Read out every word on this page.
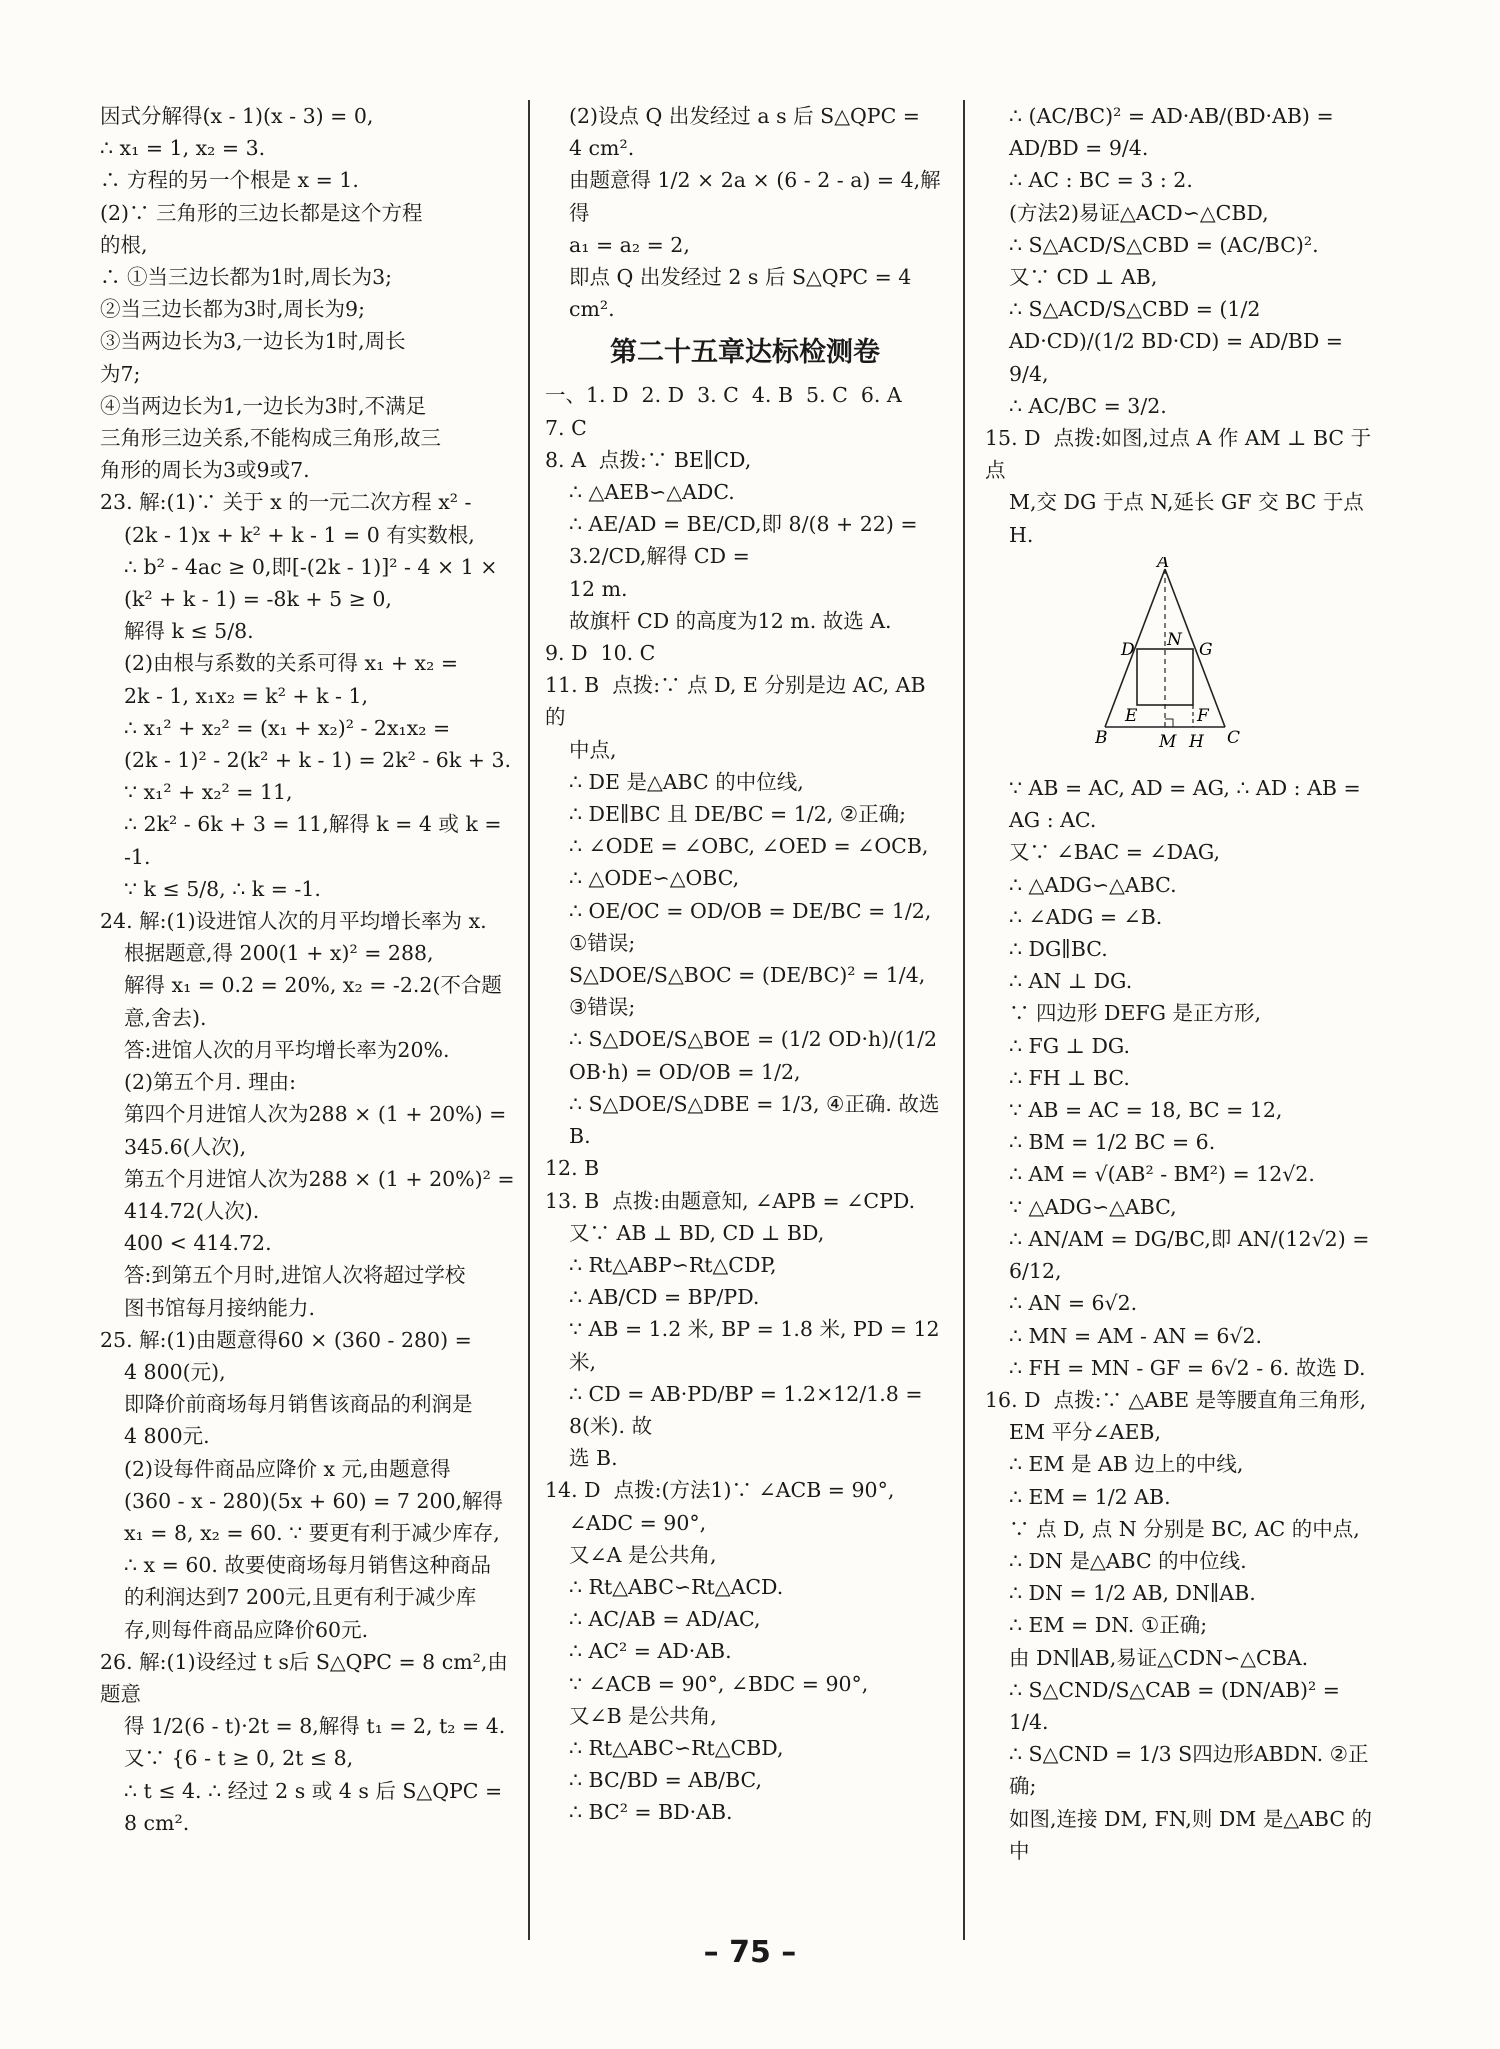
因式分解得(x - 1)(x - 3) = 0,

∴ x₁ = 1, x₂ = 3.

∴ 方程的另一个根是 x = 1.

(2)∵ 三角形的三边长都是这个方程

的根,

∴ ①当三边长都为1时,周长为3;

②当三边长都为3时,周长为9;

③当两边长为3,一边长为1时,周长

为7;

④当两边长为1,一边长为3时,不满足

三角形三边关系,不能构成三角形,故三

角形的周长为3或9或7.

23. 解:(1)∵ 关于 x 的一元二次方程 x² -

(2k - 1)x + k² + k - 1 = 0 有实数根,

∴ b² - 4ac ≥ 0,即[-(2k - 1)]² - 4 × 1 ×

(k² + k - 1) = -8k + 5 ≥ 0,

解得 k ≤ 5/8.

(2)由根与系数的关系可得 x₁ + x₂ =

2k - 1, x₁x₂ = k² + k - 1,

∴ x₁² + x₂² = (x₁ + x₂)² - 2x₁x₂ =

(2k - 1)² - 2(k² + k - 1) = 2k² - 6k + 3.

∵ x₁² + x₂² = 11,

∴ 2k² - 6k + 3 = 11,解得 k = 4 或 k = -1.

∵ k ≤ 5/8, ∴ k = -1.

24. 解:(1)设进馆人次的月平均增长率为 x.

根据题意,得 200(1 + x)² = 288,

解得 x₁ = 0.2 = 20%, x₂ = -2.2(不合题

意,舍去).

答:进馆人次的月平均增长率为20%.

(2)第五个月. 理由:

第四个月进馆人次为288 × (1 + 20%) =

345.6(人次),

第五个月进馆人次为288 × (1 + 20%)² =

414.72(人次).

400 < 414.72.

答:到第五个月时,进馆人次将超过学校

图书馆每月接纳能力.

25. 解:(1)由题意得60 × (360 - 280) =

4 800(元),

即降价前商场每月销售该商品的利润是

4 800元.

(2)设每件商品应降价 x 元,由题意得

(360 - x - 280)(5x + 60) = 7 200,解得

x₁ = 8, x₂ = 60. ∵ 要更有利于减少库存,

∴ x = 60. 故要使商场每月销售这种商品

的利润达到7 200元,且更有利于减少库

存,则每件商品应降价60元.

26. 解:(1)设经过 t s后 S△QPC = 8 cm²,由题意

得 1/2(6 - t)·2t = 8,解得 t₁ = 2, t₂ = 4.

又∵ {6 - t ≥ 0, 2t ≤ 8,

∴ t ≤ 4. ∴ 经过 2 s 或 4 s 后 S△QPC =

8 cm².

(2)设点 Q 出发经过 a s 后 S△QPC =

4 cm².

由题意得 1/2 × 2a × (6 - 2 - a) = 4,解得

a₁ = a₂ = 2,

即点 Q 出发经过 2 s 后 S△QPC = 4 cm².

第二十五章达标检测卷

一、1. D  2. D  3. C  4. B  5. C  6. A

7. C

8. A  点拨:∵ BE∥CD,

∴ △AEB∽△ADC.

∴ AE/AD = BE/CD,即 8/(8 + 22) = 3.2/CD,解得 CD =

12 m.

故旗杆 CD 的高度为12 m. 故选 A.

9. D  10. C

11. B  点拨:∵ 点 D, E 分别是边 AC, AB 的

中点,

∴ DE 是△ABC 的中位线,

∴ DE∥BC 且 DE/BC = 1/2, ②正确;

∴ ∠ODE = ∠OBC, ∠OED = ∠OCB,

∴ △ODE∽△OBC,

∴ OE/OC = OD/OB = DE/BC = 1/2, ①错误;

S△DOE/S△BOC = (DE/BC)² = 1/4, ③错误;

∴ S△DOE/S△BOE = (1/2 OD·h)/(1/2 OB·h) = OD/OB = 1/2,

∴ S△DOE/S△DBE = 1/3, ④正确. 故选 B.

12. B

13. B  点拨:由题意知, ∠APB = ∠CPD.

又∵ AB ⊥ BD, CD ⊥ BD,

∴ Rt△ABP∽Rt△CDP,

∴ AB/CD = BP/PD.

∵ AB = 1.2 米, BP = 1.8 米, PD = 12 米,

∴ CD = AB·PD/BP = 1.2×12/1.8 = 8(米). 故

选 B.

14. D  点拨:(方法1)∵ ∠ACB = 90°,

∠ADC = 90°,

又∠A 是公共角,

∴ Rt△ABC∽Rt△ACD.

∴ AC/AB = AD/AC,

∴ AC² = AD·AB.

∵ ∠ACB = 90°, ∠BDC = 90°,

又∠B 是公共角,

∴ Rt△ABC∽Rt△CBD,

∴ BC/BD = AB/BC,

∴ BC² = BD·AB.

∴ (AC/BC)² = AD·AB/(BD·AB) = AD/BD = 9/4.

∴ AC : BC = 3 : 2.

(方法2)易证△ACD∽△CBD,

∴ S△ACD/S△CBD = (AC/BC)².

又∵ CD ⊥ AB,

∴ S△ACD/S△CBD = (1/2 AD·CD)/(1/2 BD·CD) = AD/BD = 9/4,

∴ AC/BC = 3/2.

15. D  点拨:如图,过点 A 作 AM ⊥ BC 于点

M,交 DG 于点 N,延长 GF 交 BC 于点 H.

A
D N G
E	F
B	M H C

∵ AB = AC, AD = AG, ∴ AD : AB = AG : AC.

又∵ ∠BAC = ∠DAG,

∴ △ADG∽△ABC.

∴ ∠ADG = ∠B.

∴ DG∥BC.

∴ AN ⊥ DG.

∵ 四边形 DEFG 是正方形,

∴ FG ⊥ DG.

∴ FH ⊥ BC.

∵ AB = AC = 18, BC = 12,

∴ BM = 1/2 BC = 6.

∴ AM = √(AB² - BM²) = 12√2.

∵ △ADG∽△ABC,

∴ AN/AM = DG/BC,即 AN/(12√2) = 6/12,

∴ AN = 6√2.

∴ MN = AM - AN = 6√2.

∴ FH = MN - GF = 6√2 - 6. 故选 D.

16. D  点拨:∵ △ABE 是等腰直角三角形,

EM 平分∠AEB,

∴ EM 是 AB 边上的中线,

∴ EM = 1/2 AB.

∵ 点 D, 点 N 分别是 BC, AC 的中点,

∴ DN 是△ABC 的中位线.

∴ DN = 1/2 AB, DN∥AB.

∴ EM = DN. ①正确;

由 DN∥AB,易证△CDN∽△CBA.

∴ S△CND/S△CAB = (DN/AB)² = 1/4.

∴ S△CND = 1/3 S四边形ABDN. ②正确;

如图,连接 DM, FN,则 DM 是△ABC 的中

– 75 –
